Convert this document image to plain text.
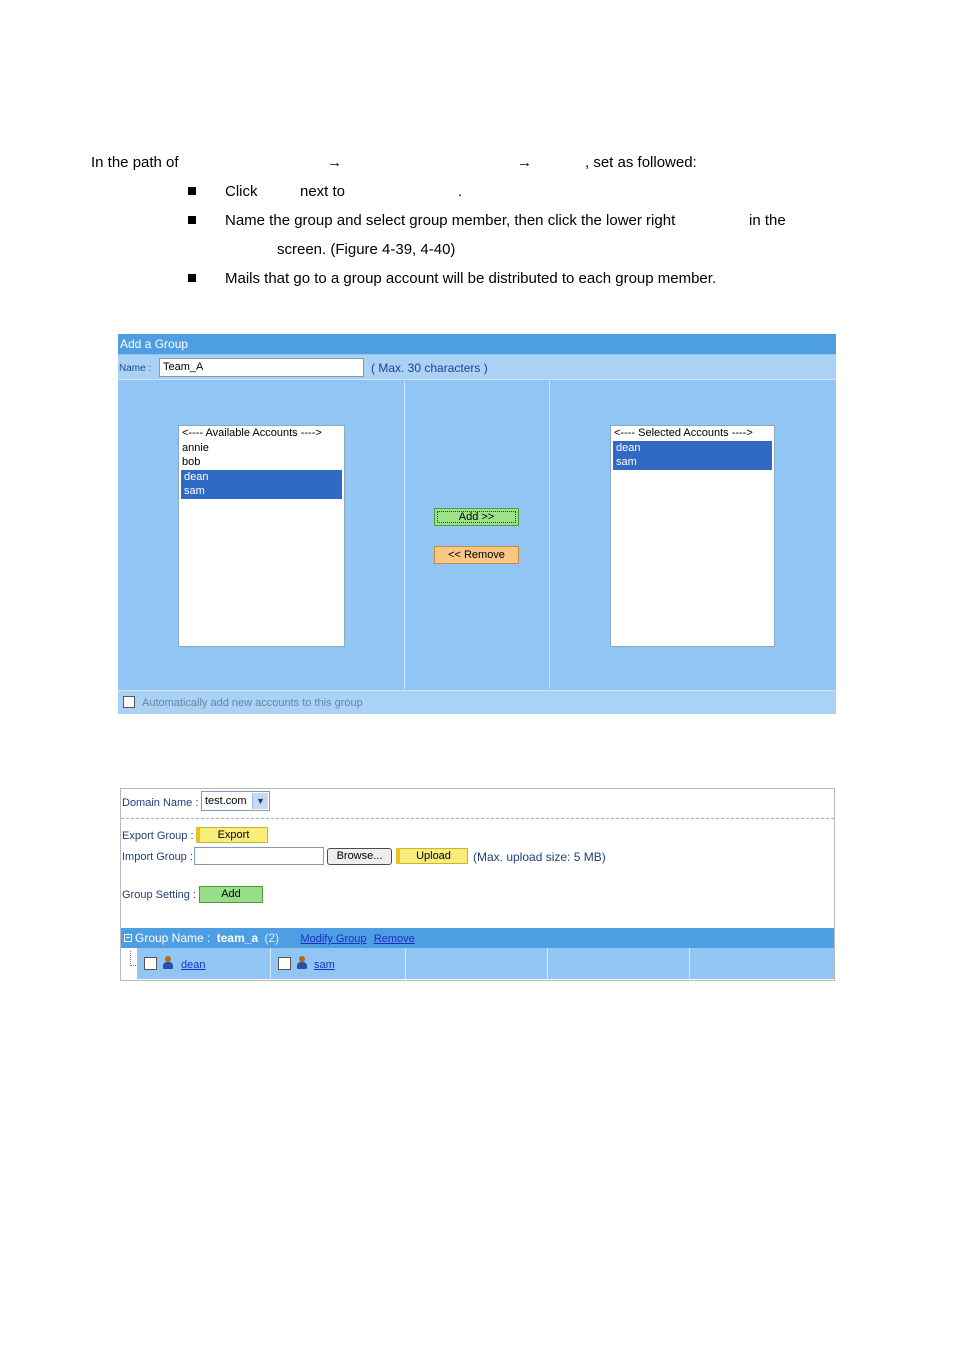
In the path of	→	→	, set as followed:
Click	next to	.
Name the group and select group member, then click the lower right	in the
screen. (Figure 4-39, 4-40)
Mails that go to a group account will be distributed to each group member.
Add a Group
Name :	Team_A	( Max. 30 characters )
<---- Available Accounts ---->
annie
bob
dean
sam
Add >>
<< Remove
<---- Selected Accounts ---->
dean
sam
Automatically add new accounts to this group
Domain Name : test.com	▼
Export Group :	Export
Import Group :	Browse...	Upload	(Max. upload size: 5 MB)
Group Setting :	Add
Group Name : team_a (2) Modify Group Remove
dean	sam
